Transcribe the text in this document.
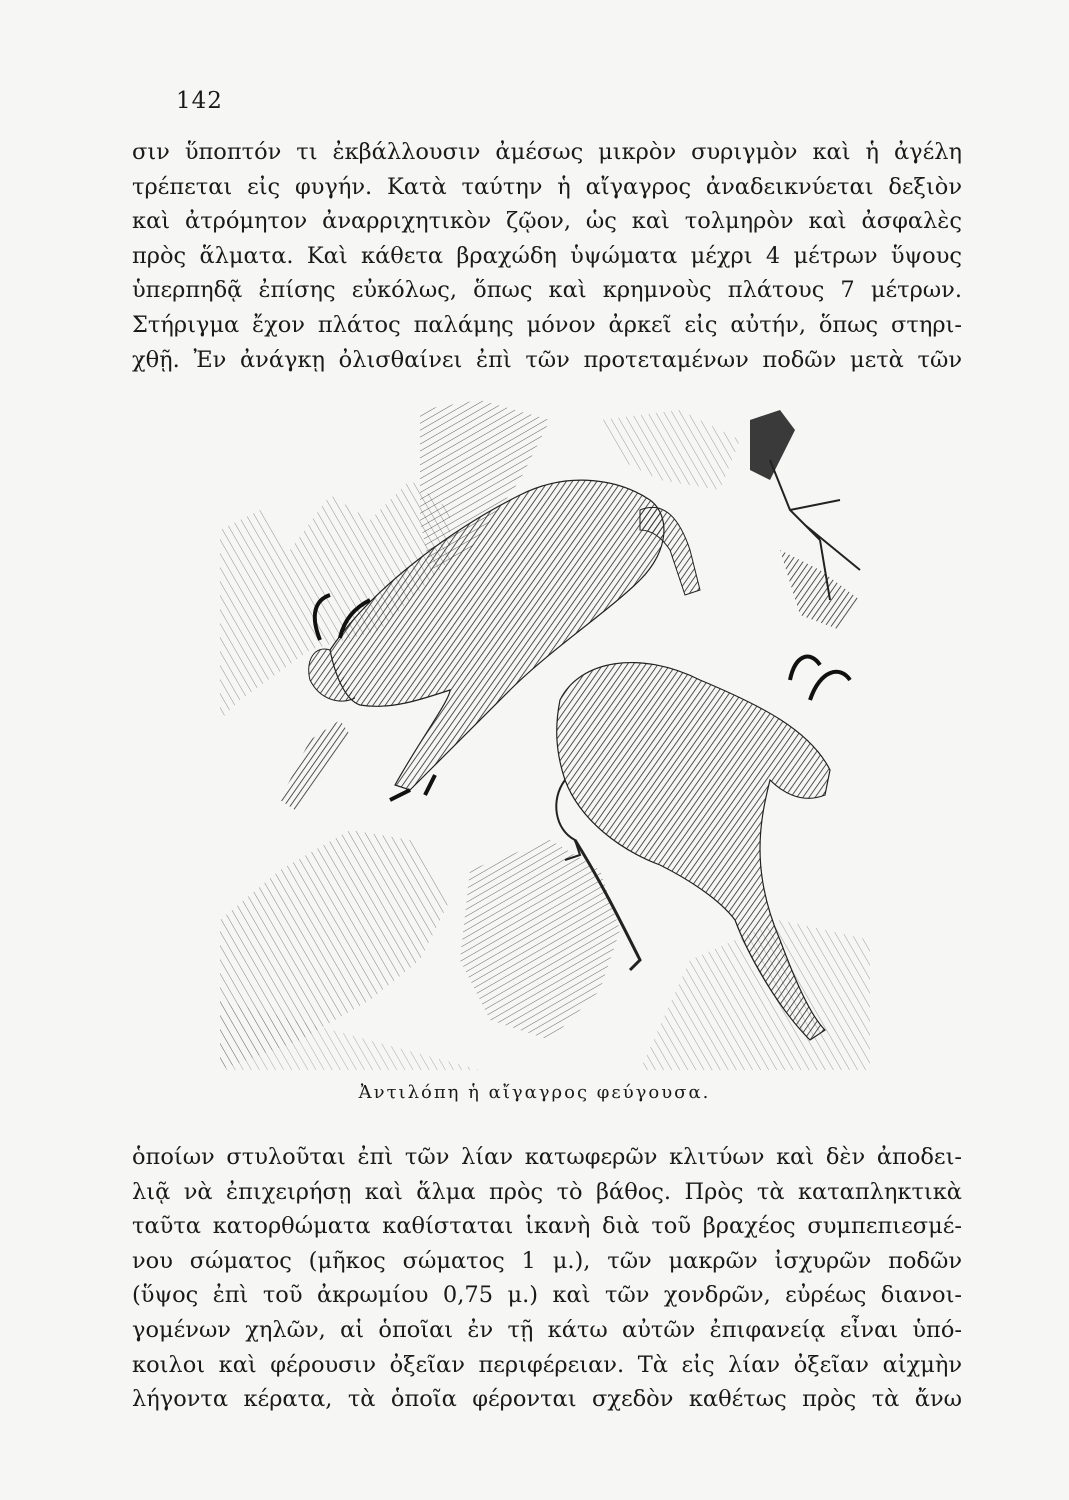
142
σιν ὕποπτόν τι ἐκβάλλουσιν ἀμέσως μικρὸν συριγμὸν καὶ ἡ ἀγέλη
τρέπεται εἰς φυγήν. Κατὰ ταύτην ἡ αἴγαγρος ἀναδεικνύεται δεξιὸν
καὶ ἀτρόμητον ἀναρριχητικὸν ζῷον, ὡς καὶ τολμηρὸν καὶ ἀσφαλὲς
πρὸς ἅλματα. Καὶ κάθετα βραχώδη ὑψώματα μέχρι 4 μέτρων ὕψους
ὑπερπηδᾷ ἐπίσης εὐκόλως, ὅπως καὶ κρημνοὺς πλάτους 7 μέτρων.
Στήριγμα ἔχον πλάτος παλάμης μόνον ἀρκεῖ εἰς αὐτήν, ὅπως στηρι-
χθῇ. Ἐν ἀνάγκῃ ὀλισθαίνει ἐπὶ τῶν προτεταμένων ποδῶν μετὰ τῶν
Ἀντιλόπη ἡ αἴγαγρος φεύγουσα.
ὁποίων στυλοῦται ἐπὶ τῶν λίαν κατωφερῶν κλιτύων καὶ δὲν ἀποδει-
λιᾷ νὰ ἐπιχειρήσῃ καὶ ἅλμα πρὸς τὸ βάθος. Πρὸς τὰ καταπληκτικὰ
ταῦτα κατορθώματα καθίσταται ἱκανὴ διὰ τοῦ βραχέος συμπεπιεσμέ-
νου σώματος (μῆκος σώματος 1 μ.), τῶν μακρῶν ἰσχυρῶν ποδῶν
(ὕψος ἐπὶ τοῦ ἀκρωμίου 0,75 μ.) καὶ τῶν χονδρῶν, εὐρέως διανοι-
γομένων χηλῶν, αἱ ὁποῖαι ἐν τῇ κάτω αὐτῶν ἐπιφανείᾳ εἶναι ὑπό-
κοιλοι καὶ φέρουσιν ὀξεῖαν περιφέρειαν. Τὰ εἰς λίαν ὀξεῖαν αἰχμὴν
λήγοντα κέρατα, τὰ ὁποῖα φέρονται σχεδὸν καθέτως πρὸς τὰ ἄνω
